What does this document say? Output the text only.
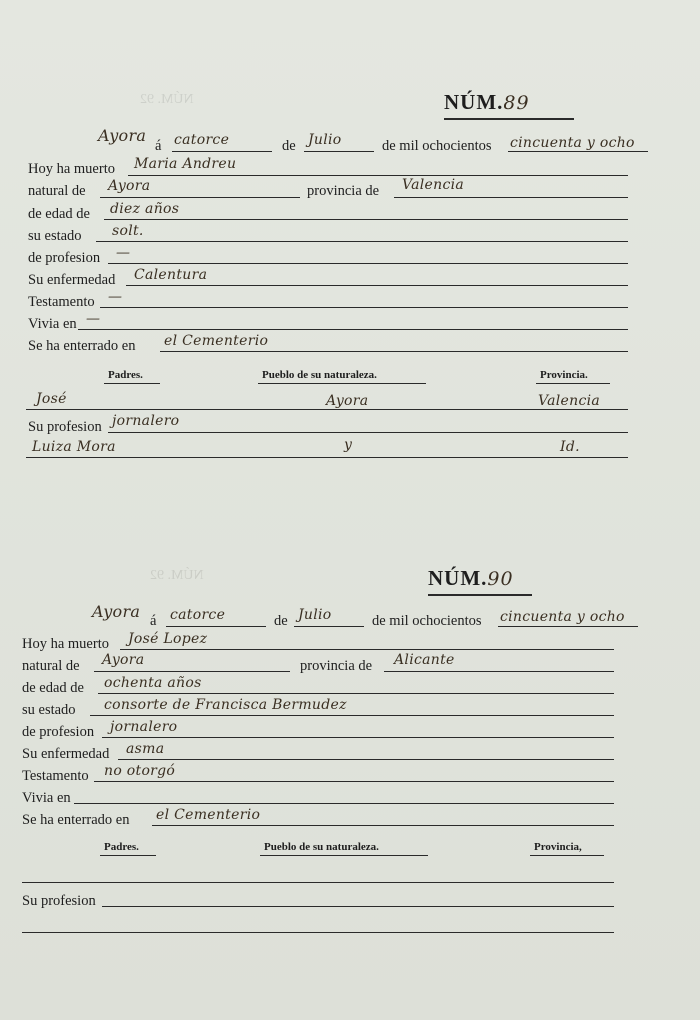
NÚM. 92
NÚM. 92
NÚM.89
Ayora
á catorce	de Julio	de mil ochocientos cincuenta y ocho
Hoy ha muerto Maria Andreu
natural de Ayora	provincia de Valencia
de edad de diez años
su estado solt.
de profesion —
Su enfermedad Calentura
Testamento —
Vivia en —
Se ha enterrado en el Cementerio
Padres.	Pueblo de su naturaleza.	Provincia.
José	Ayora	Valencia
Su profesion jornalero
Luiza Mora	y	Id.
NÚM.90
Ayora á catorce	de Julio	de mil ochocientos cincuenta y ocho
Hoy ha muerto José Lopez
natural de Ayora	provincia de Alicante
de edad de ochenta años
su estado consorte de Francisca Bermudez
de profesion jornalero
Su enfermedad asma
Testamento no otorgó
Vivia en
Se ha enterrado en el Cementerio
Padres.	Pueblo de su naturaleza.	Provincia,
Su profesion
